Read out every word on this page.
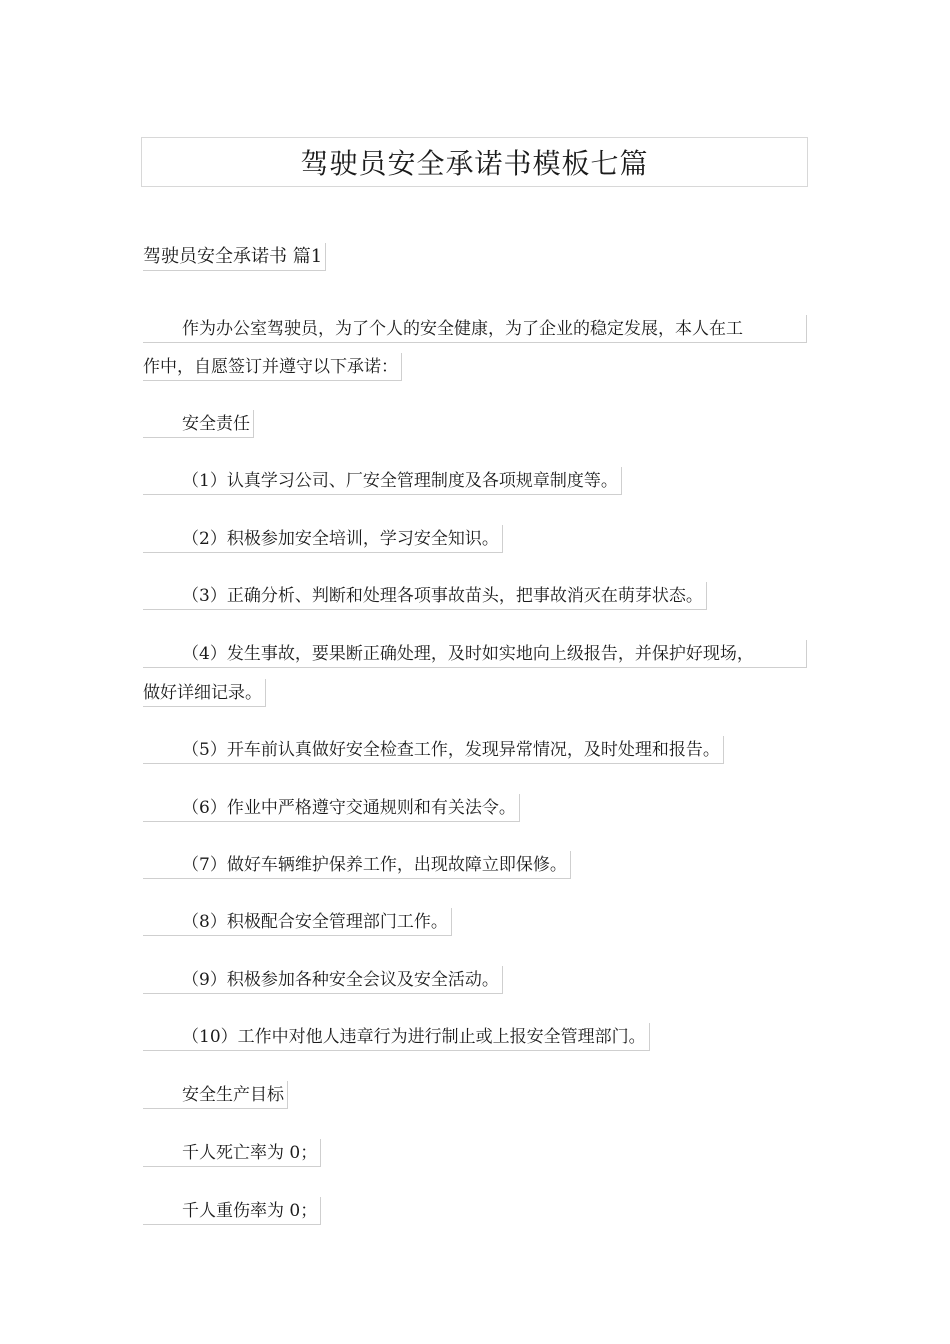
驾驶员安全承诺书模板七篇
驾驶员安全承诺书 篇1
作为办公室驾驶员，为了个人的安全健康，为了企业的稳定发展，本人在工
作中，自愿签订并遵守以下承诺：
安全责任
（1）认真学习公司、厂安全管理制度及各项规章制度等。
（2）积极参加安全培训，学习安全知识。
（3）正确分析、判断和处理各项事故苗头，把事故消灭在萌芽状态。
（4）发生事故，要果断正确处理，及时如实地向上级报告，并保护好现场，
做好详细记录。
（5）开车前认真做好安全检查工作，发现异常情况，及时处理和报告。
（6）作业中严格遵守交通规则和有关法令。
（7）做好车辆维护保养工作，出现故障立即保修。
（8）积极配合安全管理部门工作。
（9）积极参加各种安全会议及安全活动。
（10）工作中对他人违章行为进行制止或上报安全管理部门。
安全生产目标
千人死亡率为 0；
千人重伤率为 0；
